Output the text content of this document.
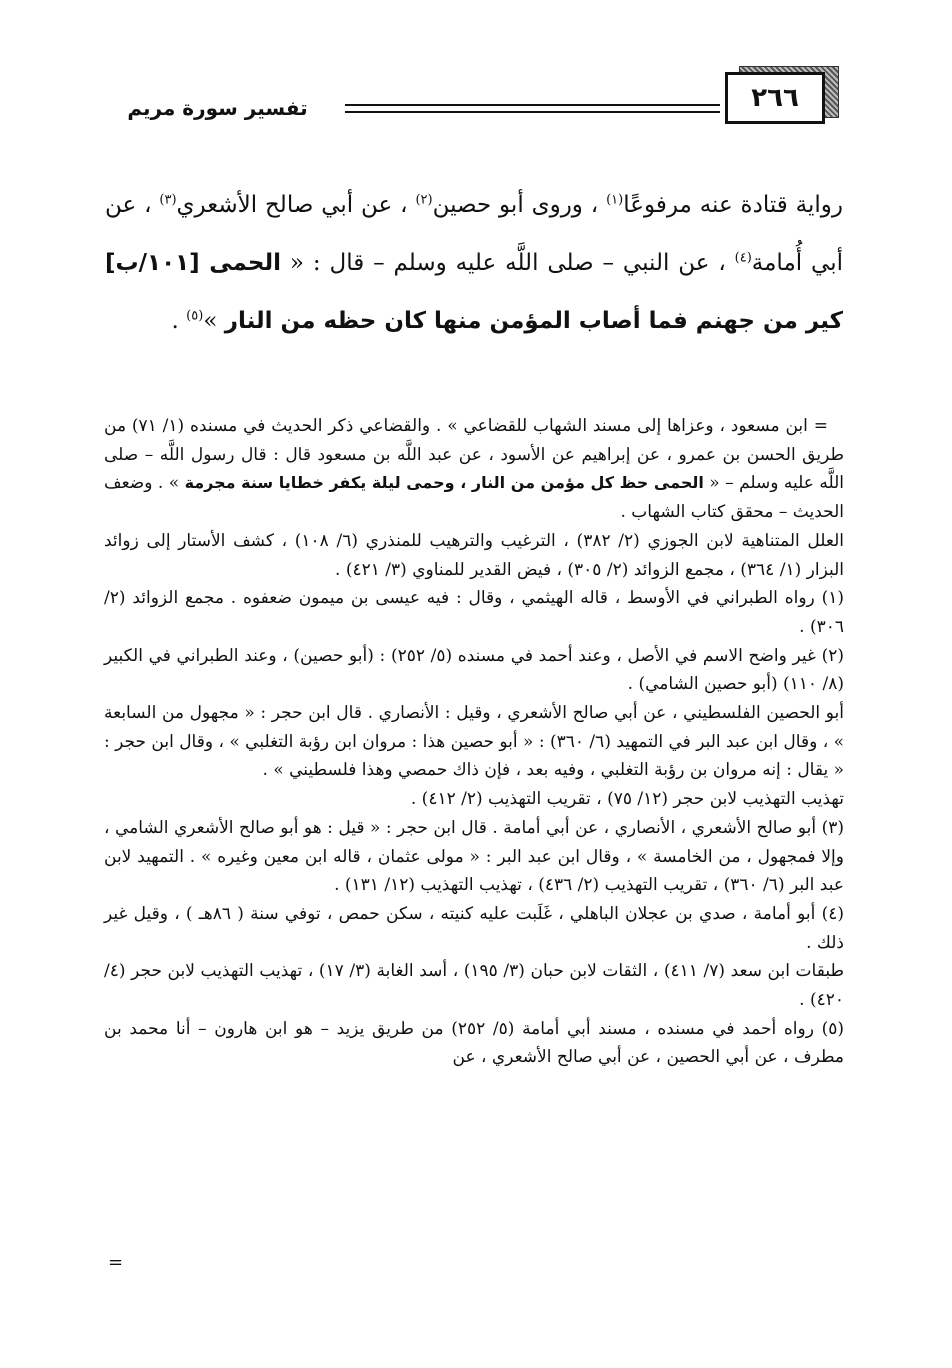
٢٦٦
تفسير سورة مريم
رواية قتادة عنه مرفوعًا$^{(١)}$ ، وروى أبو حصين$^{(٢)}$ ، عن أبي صالح الأشعري$^{(٣)}$ ، عن أبي أُمامة$^{(٤)}$ ، عن النبي – صلى اللَّه عليه وسلم – قال : « الحمى [١٠١/ب] كير من جهنم فما أصاب المؤمن منها كان حظه من النار »$^{(٥)}$ .

= ابن مسعود ، وعزاها إلى مسند الشهاب للقضاعي » . والقضاعي ذكر الحديث في مسنده (١/ ٧١) من طريق الحسن بن عمرو ، عن إبراهيم عن الأسود ، عن عبد اللَّه بن مسعود قال : قال رسول اللَّه – صلى اللَّه عليه وسلم – « الحمى حظ كل مؤمن من النار ، وحمى ليلة يكفر خطايا سنة مجرمة » . وضعف الحديث – محقق كتاب الشهاب .

العلل المتناهية لابن الجوزي (٢/ ٣٨٢) ، الترغيب والترهيب للمنذري (٦/ ١٠٨) ، كشف الأستار إلى زوائد البزار (١/ ٣٦٤) ، مجمع الزوائد (٢/ ٣٠٥) ، فيض القدير للمناوي (٣/ ٤٢١) .

(١) رواه الطبراني في الأوسط ، قاله الهيثمي ، وقال : فيه عيسى بن ميمون ضعفوه . مجمع الزوائد (٢/ ٣٠٦) .

(٢) غير واضح الاسم في الأصل ، وعند أحمد في مسنده (٥/ ٢٥٢) : (أبو حصين) ، وعند الطبراني في الكبير (٨/ ١١٠) (أبو حصين الشامي) .

أبو الحصين الفلسطيني ، عن أبي صالح الأشعري ، وقيل : الأنصاري . قال ابن حجر : « مجهول من السابعة » ، وقال ابن عبد البر في التمهيد (٦/ ٣٦٠) : « أبو حصين هذا : مروان ابن رؤبة التغلبي » ، وقال ابن حجر : « يقال : إنه مروان بن رؤبة التغلبي ، وفيه بعد ، فإن ذاك حمصي وهذا فلسطيني » .

تهذيب التهذيب لابن حجر (١٢/ ٧٥) ، تقريب التهذيب (٢/ ٤١٢) .

(٣) أبو صالح الأشعري ، الأنصاري ، عن أبي أمامة . قال ابن حجر : « قيل : هو أبو صالح الأشعري الشامي ، وإلا فمجهول ، من الخامسة » ، وقال ابن عبد البر : « مولى عثمان ، قاله ابن معين وغيره » . التمهيد لابن عبد البر (٦/ ٣٦٠) ، تقريب التهذيب (٢/ ٤٣٦) ، تهذيب التهذيب (١٢/ ١٣١) .

(٤) أبو أمامة ، صدي بن عجلان الباهلي ، غَلَبت عليه كنيته ، سكن حمص ، توفي سنة ( ٨٦هـ ) ، وقيل غير ذلك .

طبقات ابن سعد (٧/ ٤١١) ، الثقات لابن حبان (٣/ ١٩٥) ، أسد الغابة (٣/ ١٧) ، تهذيب التهذيب لابن حجر (٤/ ٤٢٠) .

(٥) رواه أحمد في مسنده ، مسند أبي أمامة (٥/ ٢٥٢) من طريق يزيد – هو ابن هارون – أنا محمد بن مطرف ، عن أبي الحصين ، عن أبي صالح الأشعري ، عن

=
